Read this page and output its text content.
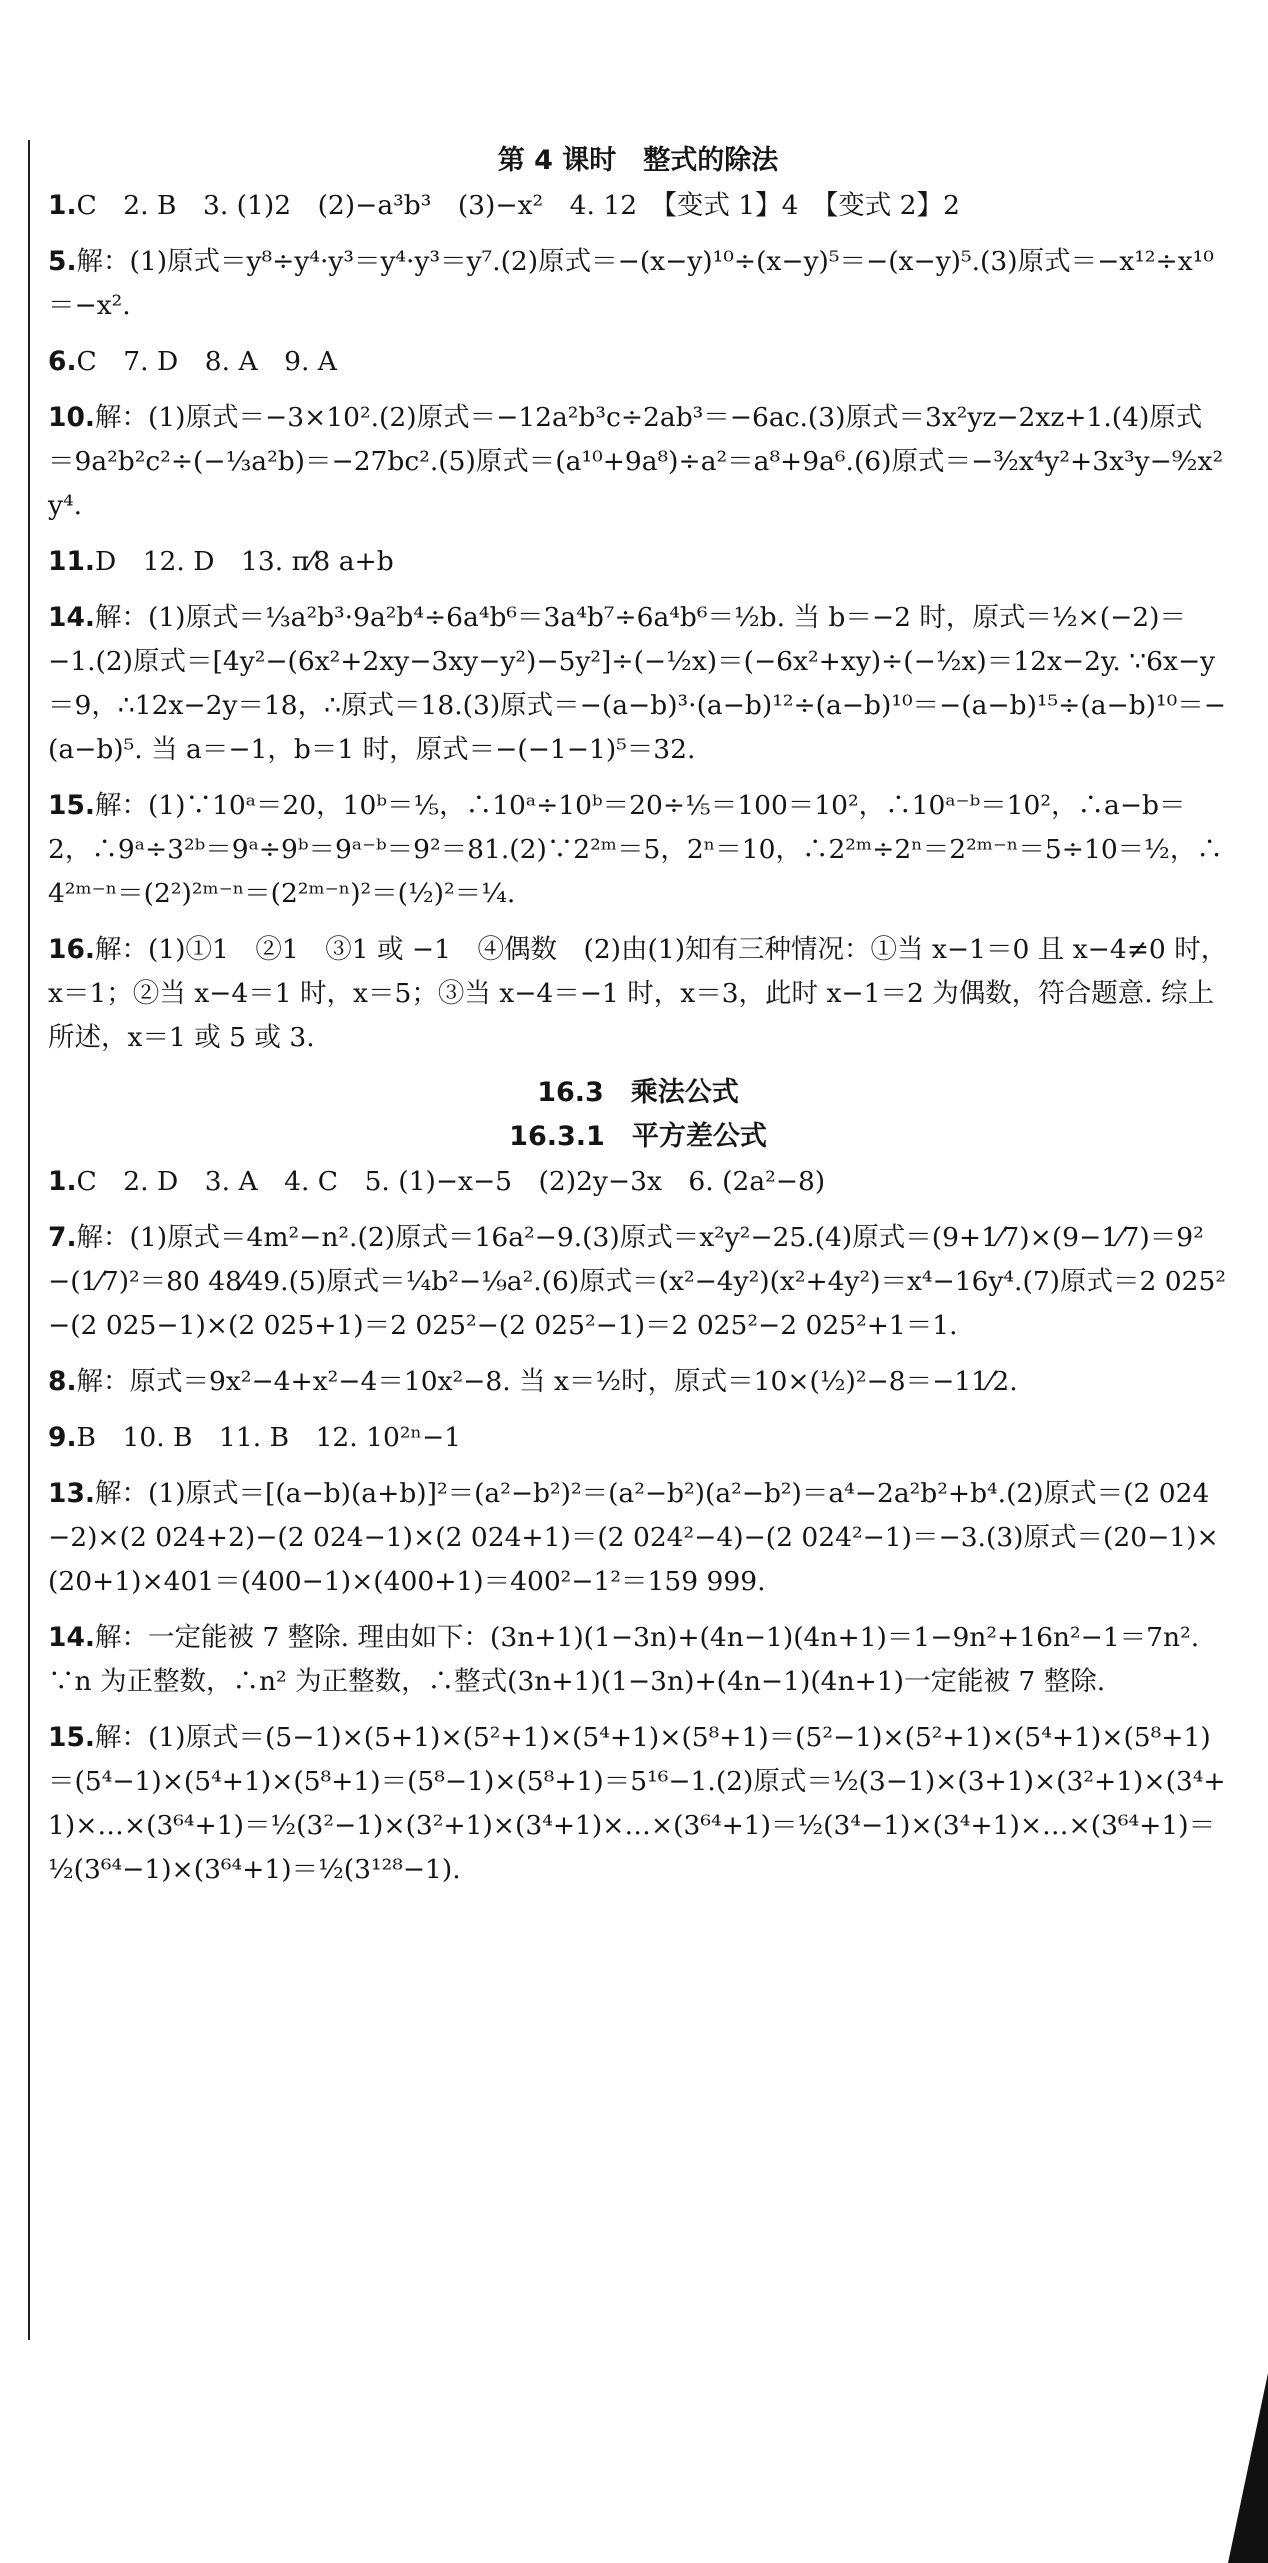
第 4 课时　整式的除法
1.C　2. B　3. (1)2　(2)−a³b³　(3)−x²　4. 12　【变式 1】4　【变式 2】2
5.解：(1)原式＝y⁸÷y⁴·y³＝y⁴·y³＝y⁷.(2)原式＝−(x−y)¹⁰÷(x−y)⁵＝−(x−y)⁵.(3)原式＝−x¹²÷x¹⁰＝−x².
6.C　7. D　8. A　9. A
10.解：(1)原式＝−3×10².(2)原式＝−12a²b³c÷2ab³＝−6ac.(3)原式＝3x²yz−2xz+1.(4)原式＝9a²b²c²÷(−⅓a²b)＝−27bc².(5)原式＝(a¹⁰+9a⁸)÷a²＝a⁸+9a⁶.(6)原式＝−³⁄₂x⁴y²+3x³y−⁹⁄₂x²y⁴.
11.D　12. D　13. π⁄8 a+b
14.解：(1)原式＝⅓a²b³·9a²b⁴÷6a⁴b⁶＝3a⁴b⁷÷6a⁴b⁶＝½b. 当 b＝−2 时，原式＝½×(−2)＝−1.(2)原式＝[4y²−(6x²+2xy−3xy−y²)−5y²]÷(−½x)＝(−6x²+xy)÷(−½x)＝12x−2y. ∵6x−y＝9，∴12x−2y＝18，∴原式＝18.(3)原式＝−(a−b)³·(a−b)¹²÷(a−b)¹⁰＝−(a−b)¹⁵÷(a−b)¹⁰＝−(a−b)⁵. 当 a＝−1，b＝1 时，原式＝−(−1−1)⁵＝32.
15.解：(1)∵10ᵃ＝20，10ᵇ＝⅕，∴10ᵃ÷10ᵇ＝20÷⅕＝100＝10²，∴10ᵃ⁻ᵇ＝10²，∴a−b＝2，∴9ᵃ÷3²ᵇ＝9ᵃ÷9ᵇ＝9ᵃ⁻ᵇ＝9²＝81.(2)∵2²ᵐ＝5，2ⁿ＝10，∴2²ᵐ÷2ⁿ＝2²ᵐ⁻ⁿ＝5÷10＝½，∴4²ᵐ⁻ⁿ＝(2²)²ᵐ⁻ⁿ＝(2²ᵐ⁻ⁿ)²＝(½)²＝¼.
16.解：(1)①1　②1　③1 或 −1　④偶数　(2)由(1)知有三种情况：①当 x−1＝0 且 x−4≠0 时，x＝1；②当 x−4＝1 时，x＝5；③当 x−4＝−1 时，x＝3，此时 x−1＝2 为偶数，符合题意. 综上所述，x＝1 或 5 或 3.
16.3　乘法公式
16.3.1　平方差公式
1.C　2. D　3. A　4. C　5. (1)−x−5　(2)2y−3x　6. (2a²−8)
7.解：(1)原式＝4m²−n².(2)原式＝16a²−9.(3)原式＝x²y²−25.(4)原式＝(9+1⁄7)×(9−1⁄7)＝9²−(1⁄7)²＝80 48⁄49.(5)原式＝¼b²−⅑a².(6)原式＝(x²−4y²)(x²+4y²)＝x⁴−16y⁴.(7)原式＝2 025²−(2 025−1)×(2 025+1)＝2 025²−(2 025²−1)＝2 025²−2 025²+1＝1.
8.解：原式＝9x²−4+x²−4＝10x²−8. 当 x＝½时，原式＝10×(½)²−8＝−11⁄2.
9.B　10. B　11. B　12. 10²ⁿ−1
13.解：(1)原式＝[(a−b)(a+b)]²＝(a²−b²)²＝(a²−b²)(a²−b²)＝a⁴−2a²b²+b⁴.(2)原式＝(2 024−2)×(2 024+2)−(2 024−1)×(2 024+1)＝(2 024²−4)−(2 024²−1)＝−3.(3)原式＝(20−1)×(20+1)×401＝(400−1)×(400+1)＝400²−1²＝159 999.
14.解：一定能被 7 整除. 理由如下：(3n+1)(1−3n)+(4n−1)(4n+1)＝1−9n²+16n²−1＝7n². ∵n 为正整数，∴n² 为正整数，∴整式(3n+1)(1−3n)+(4n−1)(4n+1)一定能被 7 整除.
15.解：(1)原式＝(5−1)×(5+1)×(5²+1)×(5⁴+1)×(5⁸+1)＝(5²−1)×(5²+1)×(5⁴+1)×(5⁸+1)＝(5⁴−1)×(5⁴+1)×(5⁸+1)＝(5⁸−1)×(5⁸+1)＝5¹⁶−1.(2)原式＝½(3−1)×(3+1)×(3²+1)×(3⁴+1)×…×(3⁶⁴+1)＝½(3²−1)×(3²+1)×(3⁴+1)×…×(3⁶⁴+1)＝½(3⁴−1)×(3⁴+1)×…×(3⁶⁴+1)＝½(3⁶⁴−1)×(3⁶⁴+1)＝½(3¹²⁸−1).
